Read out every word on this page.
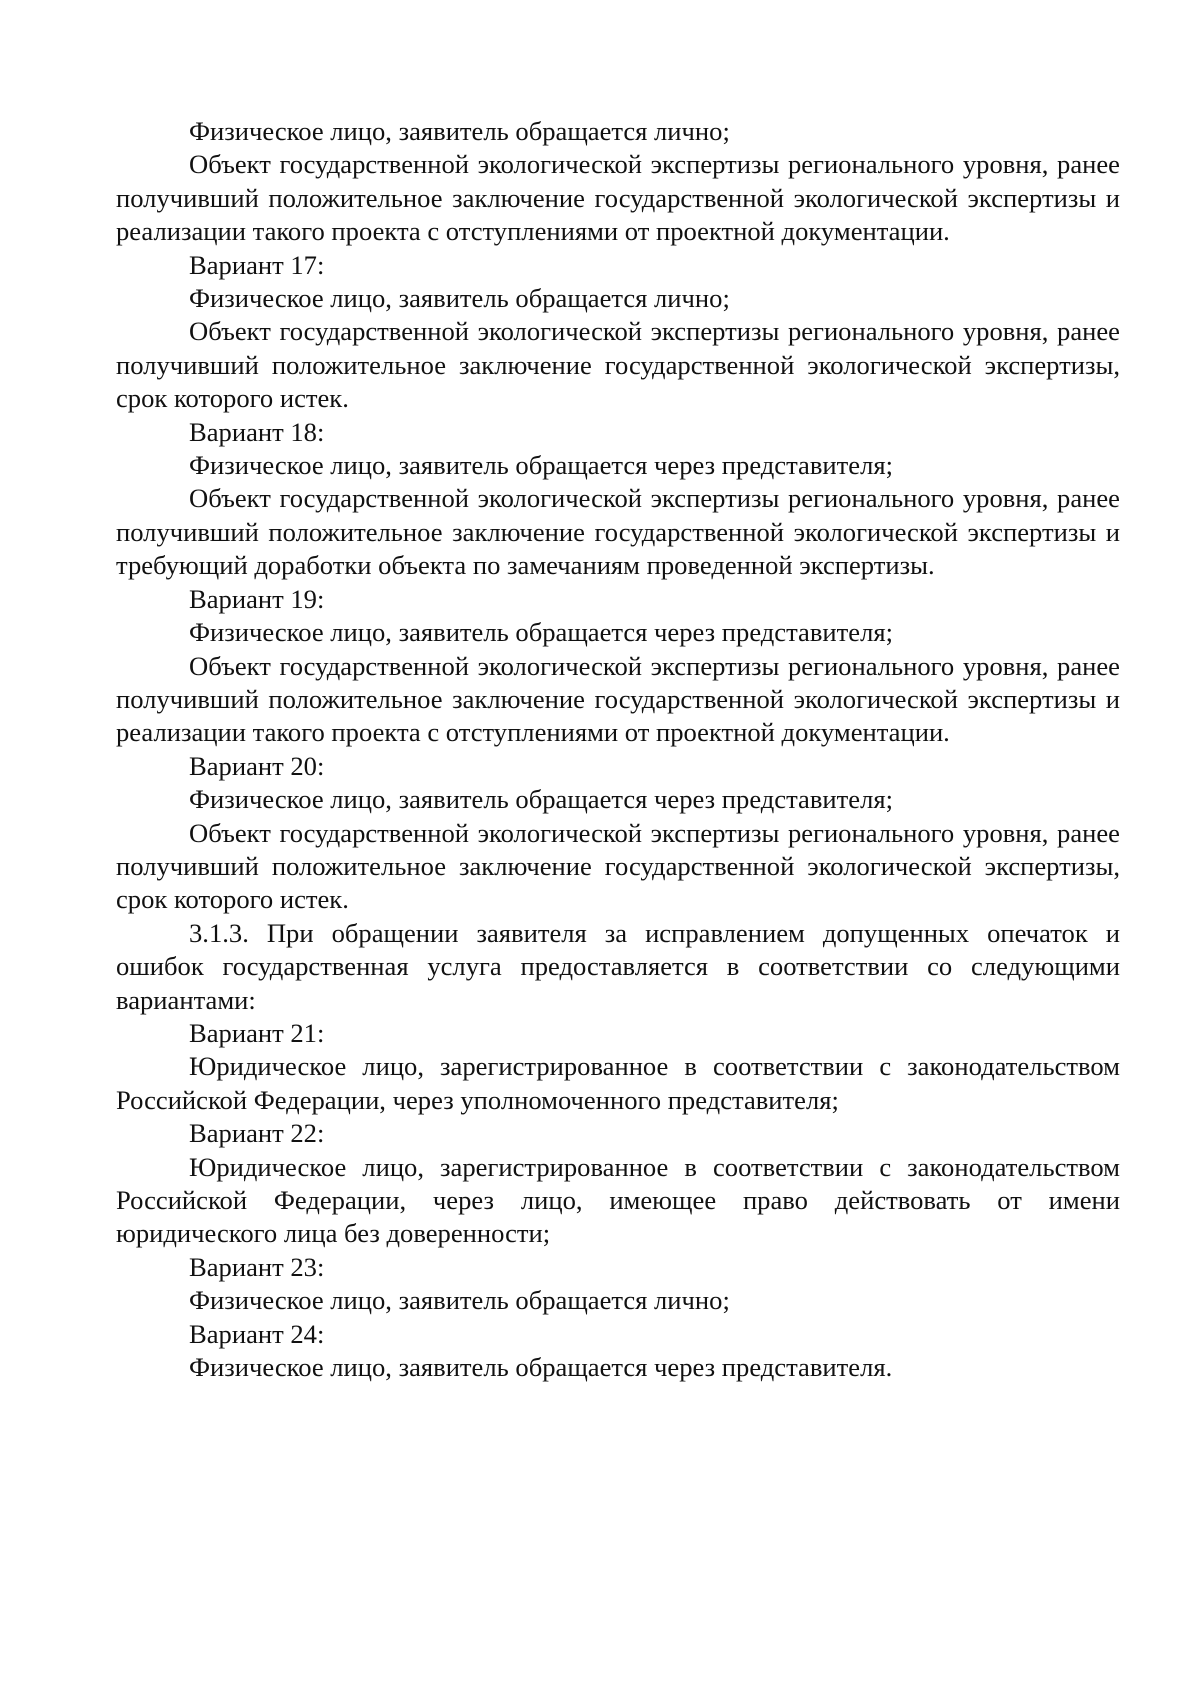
Физическое лицо, заявитель обращается лично;

Объект государственной экологической экспертизы регионального уровня, ранее получивший положительное заключение государственной экологической экспертизы и реализации такого проекта с отступлениями от проектной документации.

Вариант 17:

Физическое лицо, заявитель обращается лично;

Объект государственной экологической экспертизы регионального уровня, ранее получивший положительное заключение государственной экологической экспертизы, срок которого истек.

Вариант 18:

Физическое лицо, заявитель обращается через представителя;

Объект государственной экологической экспертизы регионального уровня, ранее получивший положительное заключение государственной экологической экспертизы и требующий доработки объекта по замечаниям проведенной экспертизы.

Вариант 19:

Физическое лицо, заявитель обращается через представителя;

Объект государственной экологической экспертизы регионального уровня, ранее получивший положительное заключение государственной экологической экспертизы и реализации такого проекта с отступлениями от проектной документации.

Вариант 20:

Физическое лицо, заявитель обращается через представителя;

Объект государственной экологической экспертизы регионального уровня, ранее получивший положительное заключение государственной экологической экспертизы, срок которого истек.

3.1.3. При обращении заявителя за исправлением допущенных опечаток и ошибок государственная услуга предоставляется в соответствии со следующими вариантами:

Вариант 21:

Юридическое лицо, зарегистрированное в соответствии с законодательством Российской Федерации, через уполномоченного представителя;

Вариант 22:

Юридическое лицо, зарегистрированное в соответствии с законодательством Российской Федерации, через лицо, имеющее право действовать от имени юридического лица без доверенности;

Вариант 23:

Физическое лицо, заявитель обращается лично;

Вариант 24:

Физическое лицо, заявитель обращается через представителя.
